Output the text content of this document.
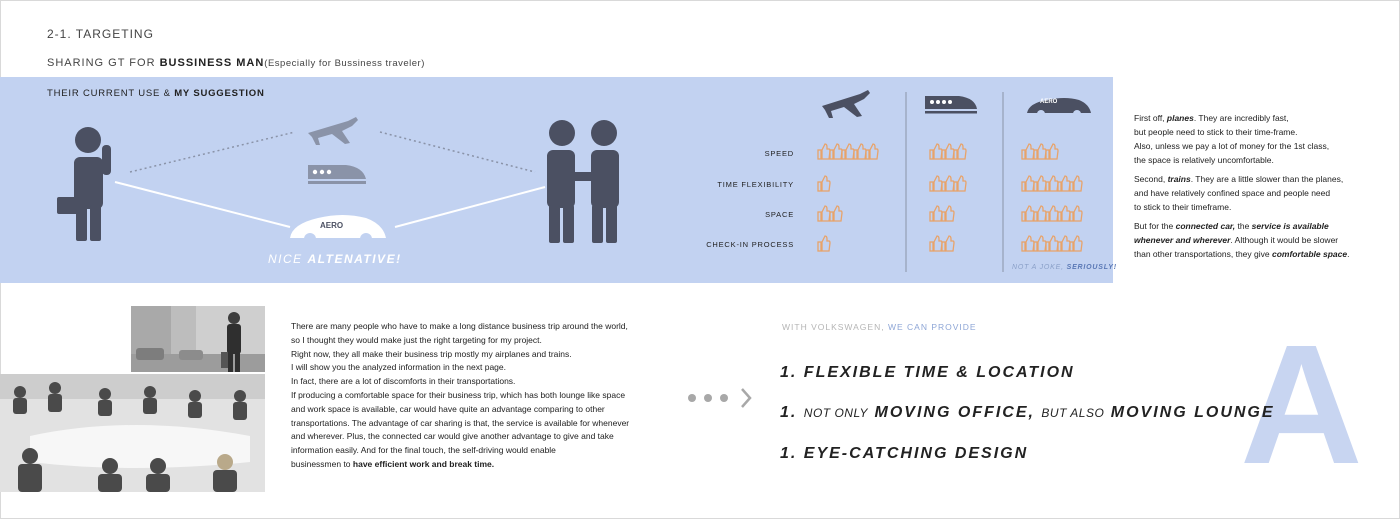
2-1. TARGETING
SHARING GT FOR BUSSINESS MAN(Especially for Bussiness traveler)
THEIR CURRENT USE & MY SUGGESTION
AERO
NICE ALTENATIVE!
SPEED
TIME FLEXIBILITY
SPACE
CHECK-IN PROCESS
AERO
NOT A JOKE, SERIOUSLY!

First off, planes. They are incredibly fast,
but people need to stick to their time-frame.
Also, unless we pay a lot of money for the 1st class,
the space is relatively uncomfortable.

Second, trains. They are a little slower than the planes,
and have relatively confined space and people need
to stick to their timeframe.

But for the connected car, the service is available
whenever and wherever. Although it would be slower
than other transportations, they give comfortable space.

There are many people who have to make a long distance business trip around the world,
so I thought they would make just the right targeting for my project.
Right now, they all make their business trip mostly my airplanes and trains.
I will show you the analyzed information in the next page.
In fact, there are a lot of discomforts in their transportations.
If producing a comfortable space for their business trip, which has both lounge like space
and work space is available, car would have quite an advantage comparing to other
transportations. The advantage of car sharing is that, the service is available for whenever
and wherever. Plus, the connected car would give another advantage to give and take
information easily. And for the final touch, the self-driving would enable
businessmen to have efficient work and break time.
WITH VOLKSWAGEN, WE CAN PROVIDE A
1. FLEXIBLE TIME & LOCATION
1. NOT ONLY MOVING OFFICE, BUT ALSO MOVING LOUNGE
1. EYE-CATCHING DESIGN
